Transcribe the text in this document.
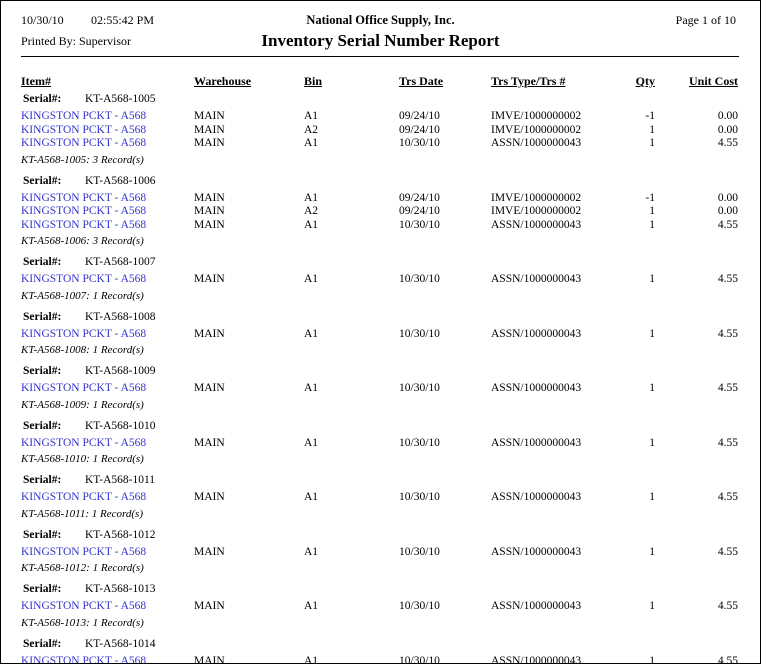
10/30/10 02:55:42 PM	National Office Supply, Inc.	Page 1 of 10
Printed By: Supervisor	Inventory Serial Number Report
Item#	Warehouse	Bin	Trs Date	Trs Type/Trs #	Qty	Unit Cost
Serial#: KT-A568-1005
KINGSTON PCKT - A568	MAIN	A1	09/24/10	IMVE/1000000002	-1	0.00
KINGSTON PCKT - A568	MAIN	A2	09/24/10	IMVE/1000000002	1	0.00
KINGSTON PCKT - A568	MAIN	A1	10/30/10	ASSN/1000000043	1	4.55
KT-A568-1005: 3 Record(s)
Serial#: KT-A568-1006
KINGSTON PCKT - A568	MAIN	A1	09/24/10	IMVE/1000000002	-1	0.00
KINGSTON PCKT - A568	MAIN	A2	09/24/10	IMVE/1000000002	1	0.00
KINGSTON PCKT - A568	MAIN	A1	10/30/10	ASSN/1000000043	1	4.55
KT-A568-1006: 3 Record(s)
Serial#: KT-A568-1007
KINGSTON PCKT - A568	MAIN	A1	10/30/10	ASSN/1000000043	1	4.55
KT-A568-1007: 1 Record(s)
Serial#: KT-A568-1008
KINGSTON PCKT - A568	MAIN	A1	10/30/10	ASSN/1000000043	1	4.55
KT-A568-1008: 1 Record(s)
Serial#: KT-A568-1009
KINGSTON PCKT - A568	MAIN	A1	10/30/10	ASSN/1000000043	1	4.55
KT-A568-1009: 1 Record(s)
Serial#: KT-A568-1010
KINGSTON PCKT - A568	MAIN	A1	10/30/10	ASSN/1000000043	1	4.55
KT-A568-1010: 1 Record(s)
Serial#: KT-A568-1011
KINGSTON PCKT - A568	MAIN	A1	10/30/10	ASSN/1000000043	1	4.55
KT-A568-1011: 1 Record(s)
Serial#: KT-A568-1012
KINGSTON PCKT - A568	MAIN	A1	10/30/10	ASSN/1000000043	1	4.55
KT-A568-1012: 1 Record(s)
Serial#: KT-A568-1013
KINGSTON PCKT - A568	MAIN	A1	10/30/10	ASSN/1000000043	1	4.55
KT-A568-1013: 1 Record(s)
Serial#: KT-A568-1014
KINGSTON PCKT - A568	MAIN	A1	10/30/10	ASSN/1000000043	1	4.55
